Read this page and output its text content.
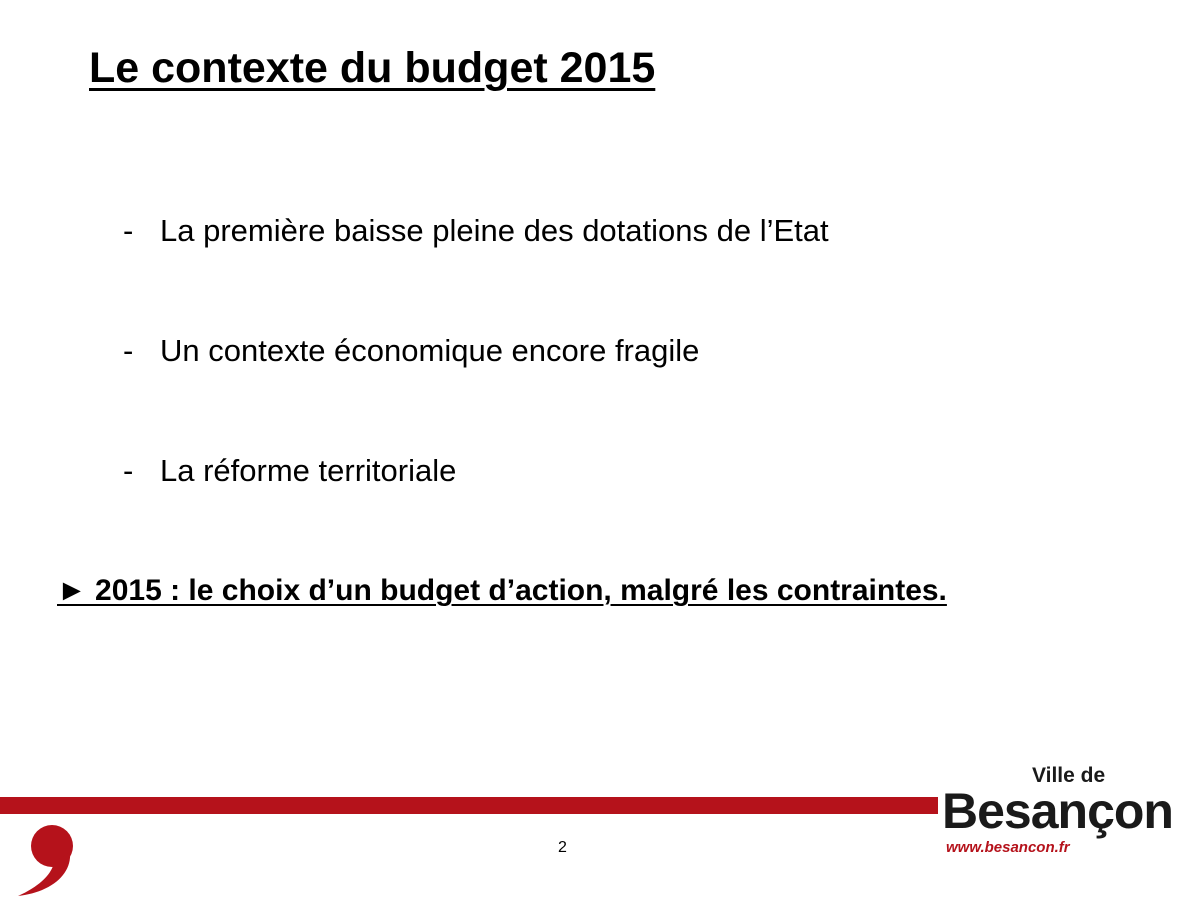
Le contexte du budget 2015
- La première baisse pleine des dotations de l’Etat
- Un contexte économique encore fragile
- La réforme territoriale
► 2015 : le choix d’un budget d’action, malgré les contraintes.
2
Ville de
Besançon
www.besancon.fr
